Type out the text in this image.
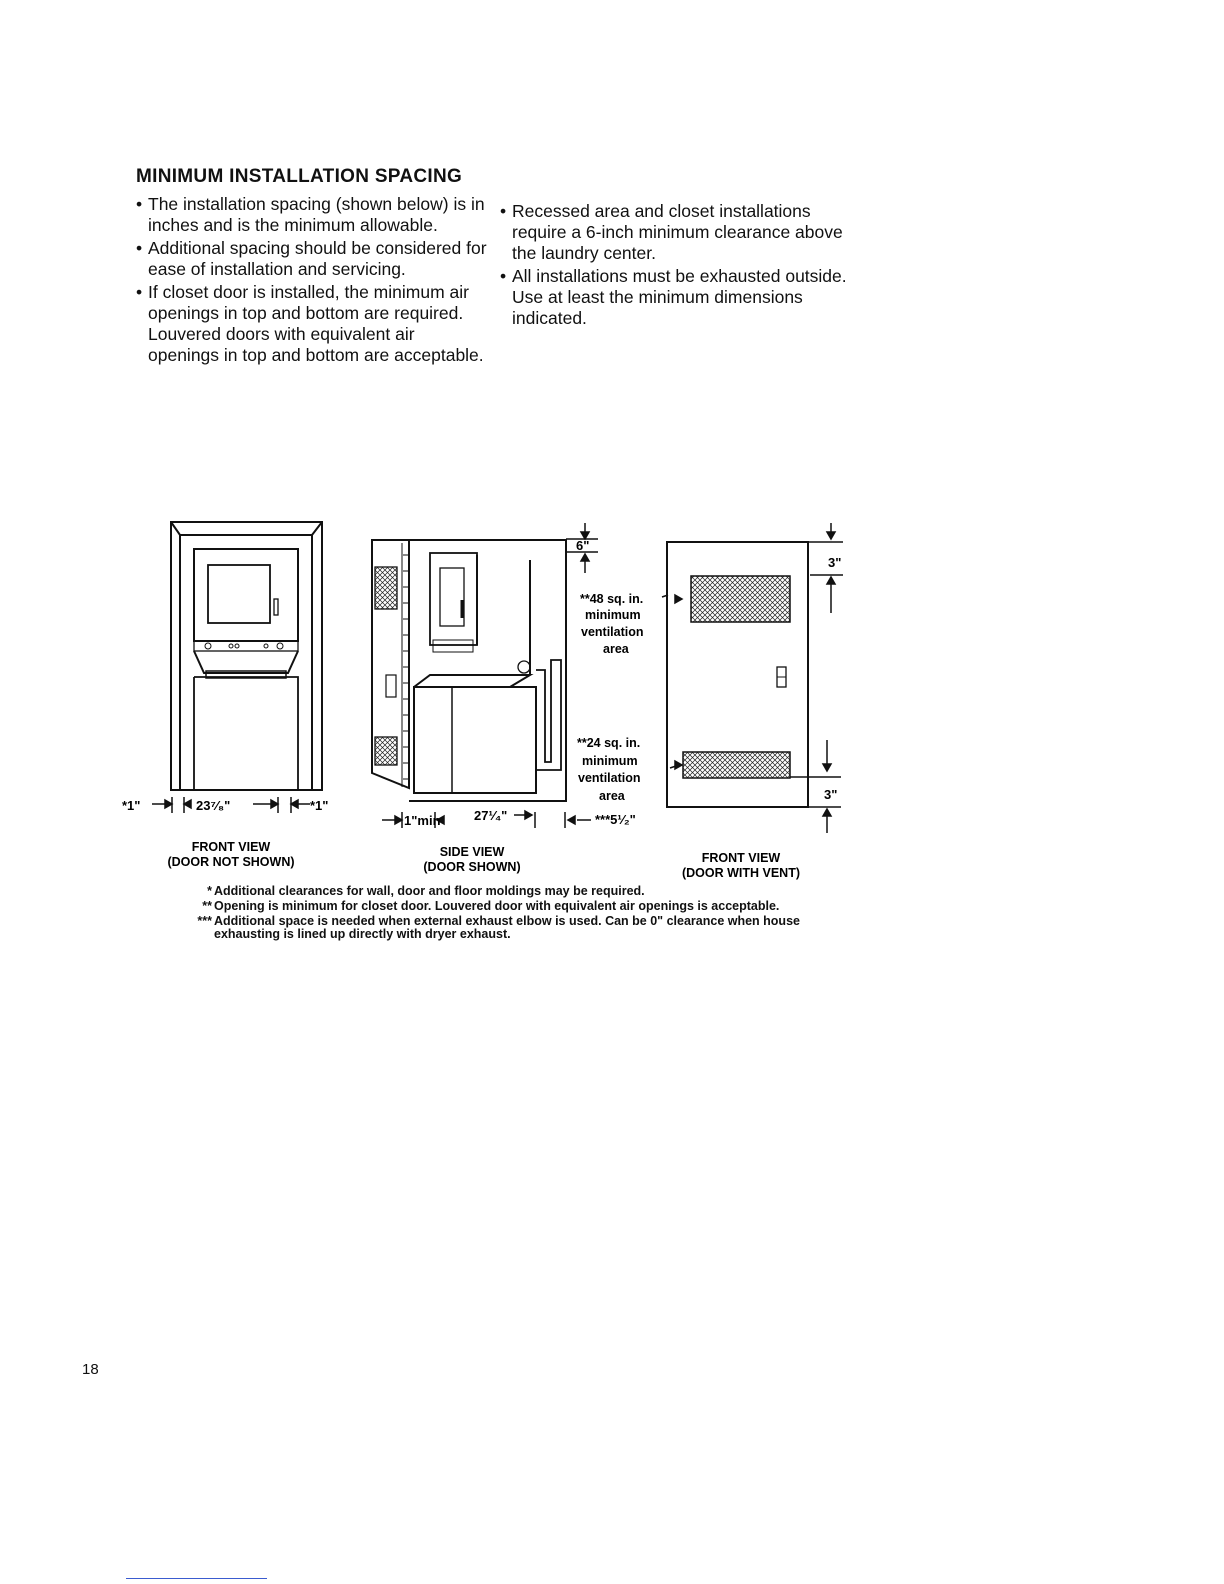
MINIMUM INSTALLATION SPACING
• The installation spacing (shown below) is in inches and is the minimum allowable.
• Additional spacing should be considered for ease of installation and servicing.
• If closet door is installed, the minimum air openings in top and bottom are required. Louvered doors with equivalent air openings in top and bottom are acceptable.
• Recessed area and closet installations require a 6-inch minimum clearance above the laundry center.
• All installations must be exhausted outside. Use at least the minimum dimensions indicated.
*1"	23⁷⁄₈"	*1"
1"min	27¹⁄₄"	***5¹⁄₂"
6"
3"
3"
**48 sq. in.
minimum
ventilation
area
**24 sq. in.
minimum
ventilation
area
FRONT VIEW
(DOOR NOT SHOWN)
SIDE VIEW
(DOOR SHOWN)
FRONT VIEW
(DOOR WITH VENT)
* Additional clearances for wall, door and floor moldings may be required.
** Opening is minimum for closet door. Louvered door with equivalent air openings is acceptable.
*** Additional space is needed when external exhaust elbow is used. Can be 0" clearance when house exhausting is lined up directly with dryer exhaust.
18
